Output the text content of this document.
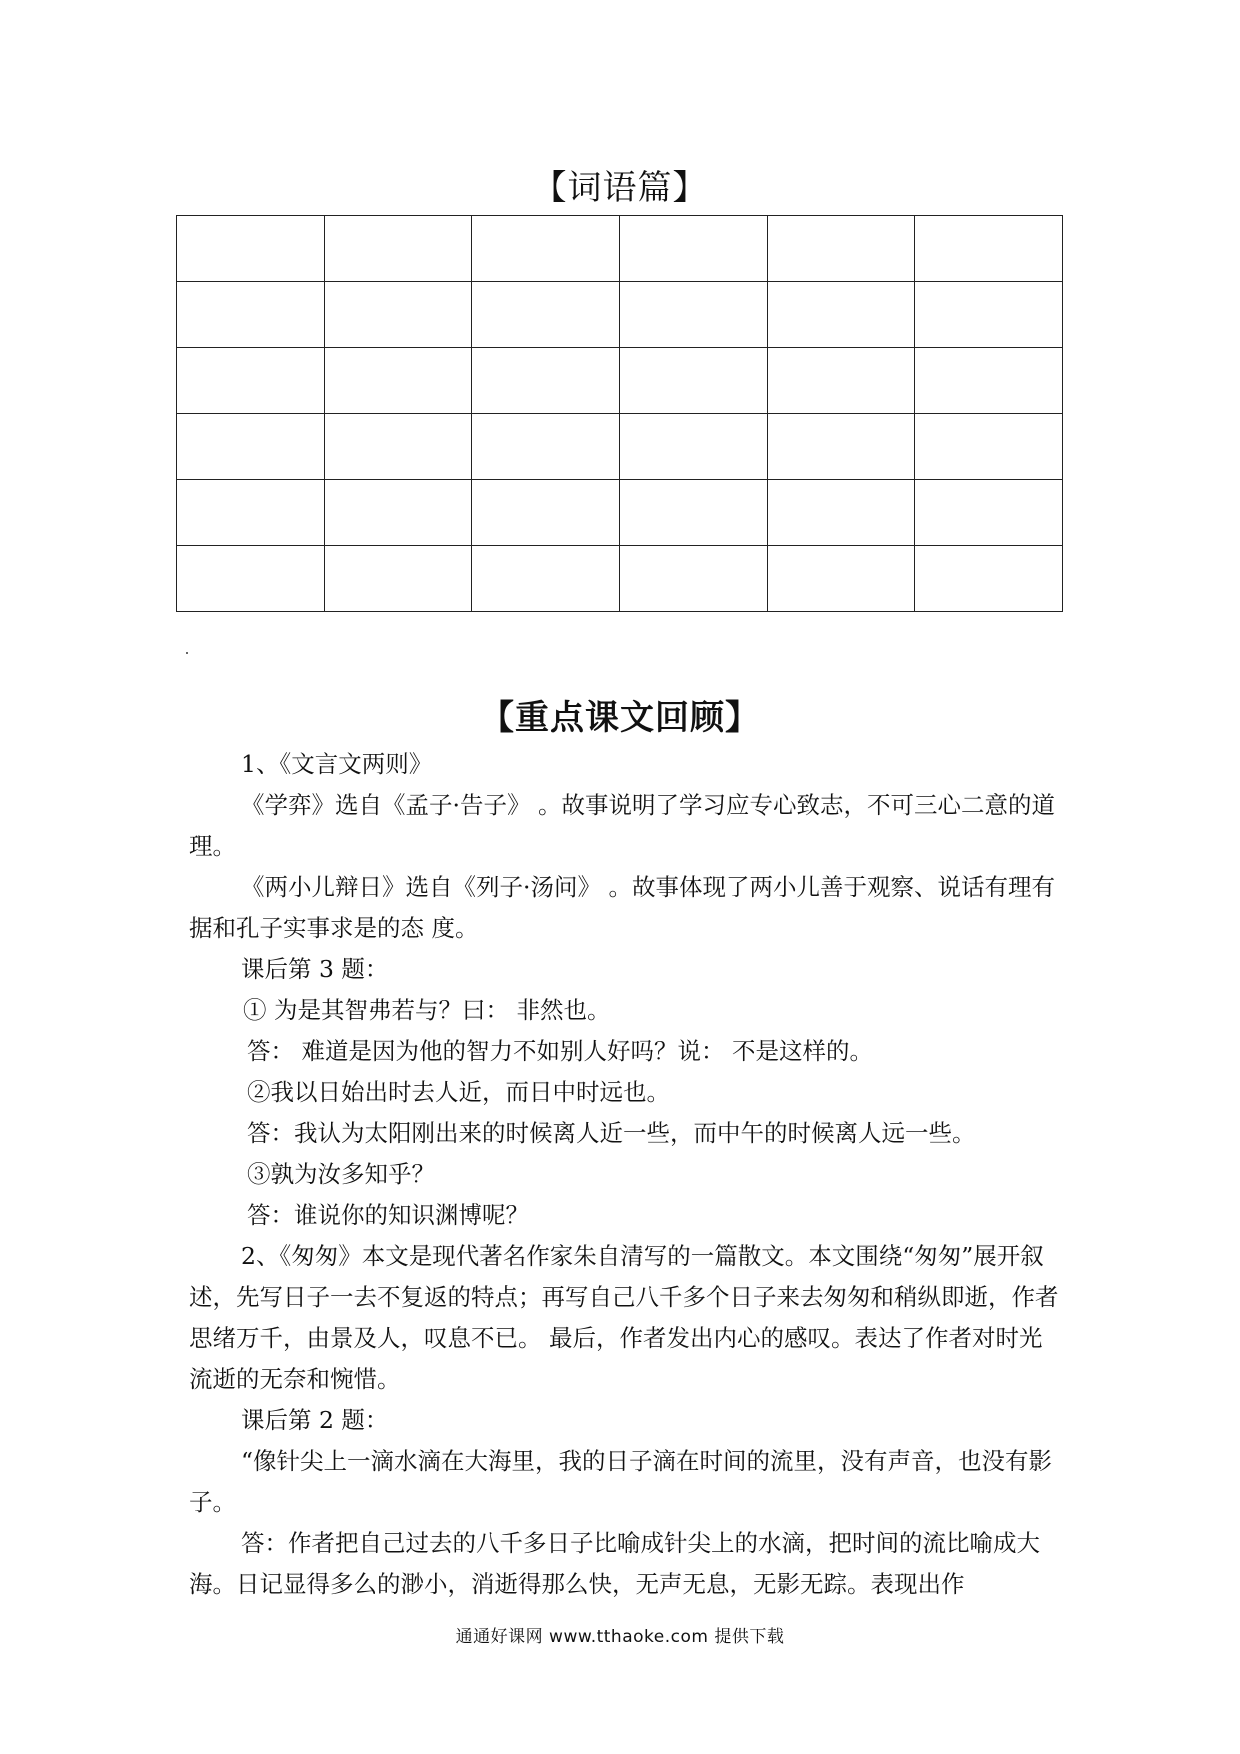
【词语篇】

【重点课文回顾】

1、《文言文两则》

《学弈》选自《孟子·告子》 。故事说明了学习应专心致志，不可三心二意的道理。

《两小儿辩日》选自《列子·汤问》 。故事体现了两小儿善于观察、说话有理有据和孔子实事求是的态 度。

课后第 3 题：

① 为是其智弗若与？曰： 非然也。

答： 难道是因为他的智力不如别人好吗？说： 不是这样的。

②我以日始出时去人近，而日中时远也。

答：我认为太阳刚出来的时候离人近一些，而中午的时候离人远一些。

③孰为汝多知乎？

答：谁说你的知识渊博呢？

2、《匆匆》本文是现代著名作家朱自清写的一篇散文。本文围绕“匆匆”展开叙述，先写日子一去不复返的特点；再写自己八千多个日子来去匆匆和稍纵即逝，作者思绪万千，由景及人，叹息不已。 最后，作者发出内心的感叹。表达了作者对时光流逝的无奈和惋惜。

课后第 2 题：

“像针尖上一滴水滴在大海里，我的日子滴在时间的流里，没有声音，也没有影子。

答：作者把自己过去的八千多日子比喻成针尖上的水滴，把时间的流比喻成大海。日记显得多么的渺小，消逝得那么快，无声无息，无影无踪。表现出作

通通好课网 www.tthaoke.com 提供下载
